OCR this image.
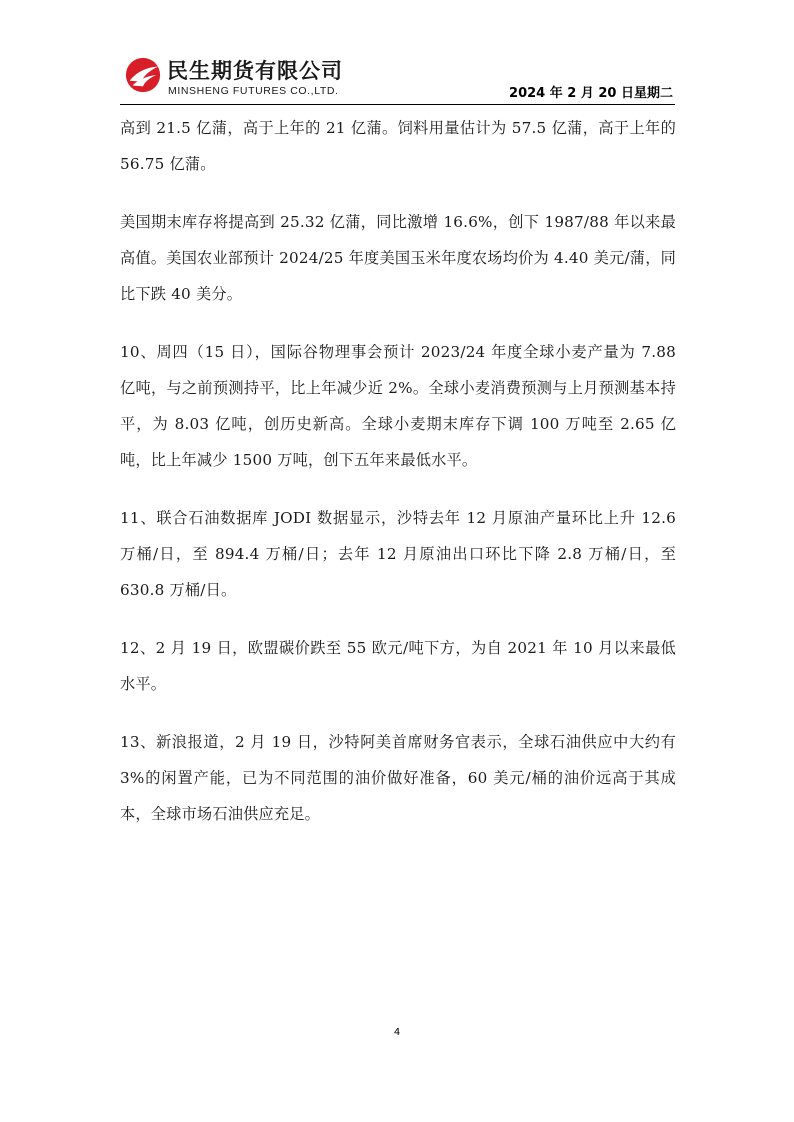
民生期货有限公司
MINSHENG FUTURES CO.,LTD.	2024 年 2 月 20 日星期二

高到 21.5 亿蒲，高于上年的 21 亿蒲。饲料用量估计为 57.5 亿蒲，高于上年的 56.75 亿蒲。

美国期末库存将提高到 25.32 亿蒲，同比激增 16.6%，创下 1987/88 年以来最高值。美国农业部预计 2024/25 年度美国玉米年度农场均价为 4.40 美元/蒲，同比下跌 40 美分。

10、周四（15 日），国际谷物理事会预计 2023/24 年度全球小麦产量为 7.88 亿吨，与之前预测持平，比上年减少近 2%。全球小麦消费预测与上月预测基本持平，为 8.03 亿吨，创历史新高。全球小麦期末库存下调 100 万吨至 2.65 亿吨，比上年减少 1500 万吨，创下五年来最低水平。

11、联合石油数据库 JODI 数据显示，沙特去年 12 月原油产量环比上升 12.6 万桶/日，至 894.4 万桶/日；去年 12 月原油出口环比下降 2.8 万桶/日，至 630.8 万桶/日。

12、2 月 19 日，欧盟碳价跌至 55 欧元/吨下方，为自 2021 年 10 月以来最低水平。

13、新浪报道，2 月 19 日，沙特阿美首席财务官表示，全球石油供应中大约有 3%的闲置产能，已为不同范围的油价做好准备，60 美元/桶的油价远高于其成本，全球市场石油供应充足。

4
